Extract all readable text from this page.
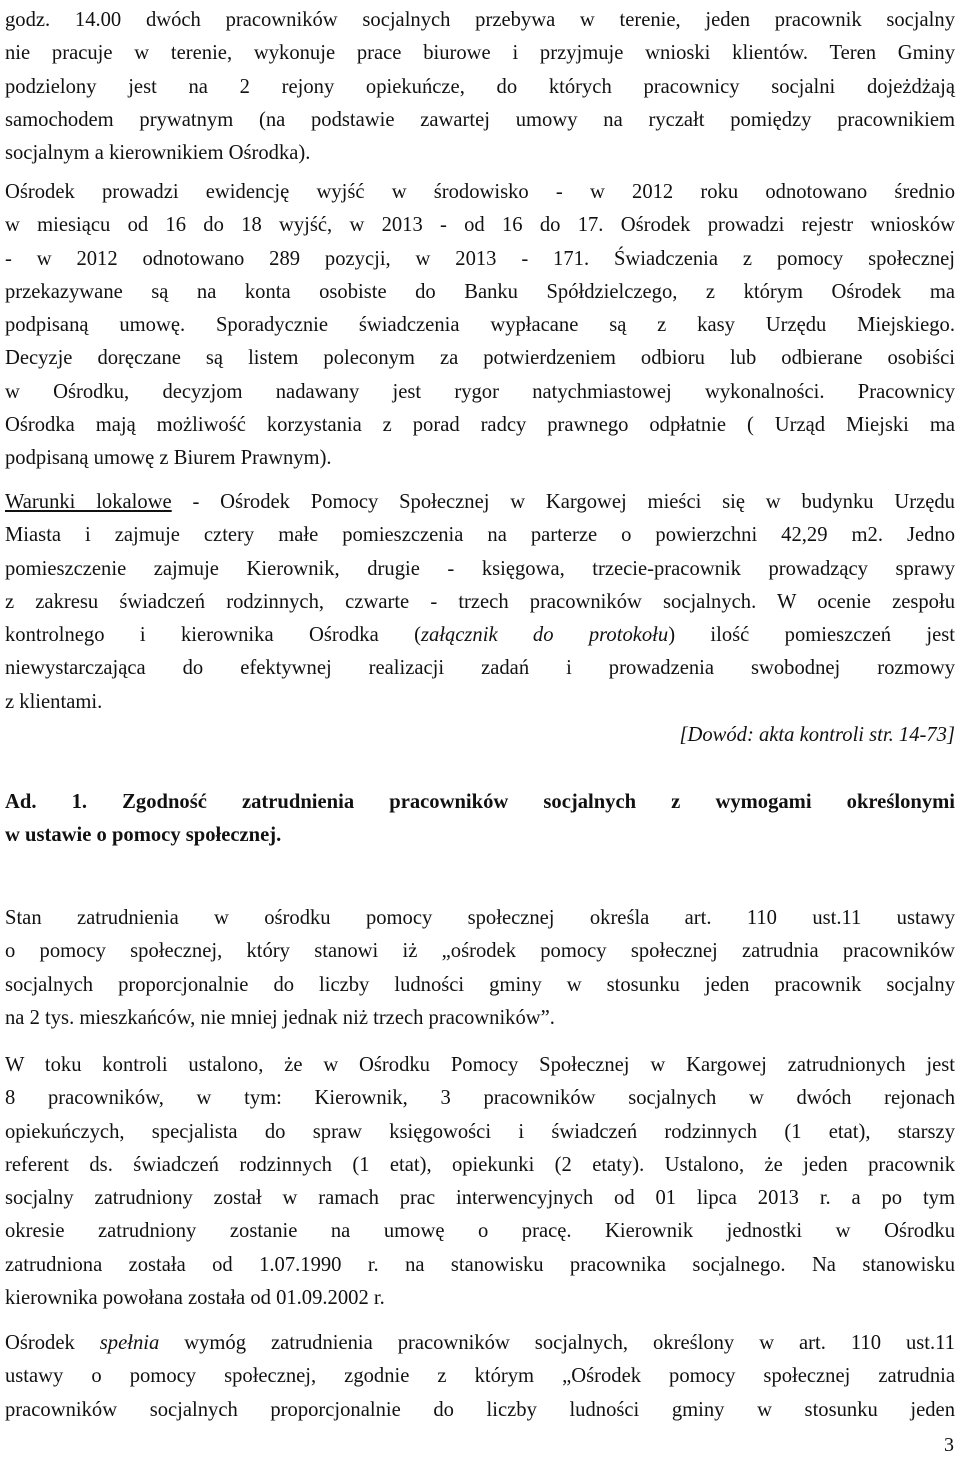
godz. 14.00 dwóch pracowników socjalnych przebywa w terenie, jeden pracownik socjalny
nie pracuje w terenie, wykonuje prace biurowe i przyjmuje wnioski klientów. Teren Gminy
podzielony jest na 2 rejony opiekuńcze, do których pracownicy socjalni dojeżdżają
samochodem prywatnym (na podstawie zawartej umowy na ryczałt pomiędzy pracownikiem
socjalnym a kierownikiem Ośrodka).

Ośrodek prowadzi ewidencję wyjść w środowisko - w 2012 roku odnotowano średnio
w miesiącu od 16 do 18 wyjść, w 2013 - od 16 do 17. Ośrodek prowadzi rejestr wniosków
- w 2012 odnotowano 289 pozycji, w 2013 - 171. Świadczenia z pomocy społecznej
przekazywane są na konta osobiste do Banku Spółdzielczego, z którym Ośrodek ma
podpisaną umowę. Sporadycznie świadczenia wypłacane są z kasy Urzędu Miejskiego.
Decyzje doręczane są listem poleconym za potwierdzeniem odbioru lub odbierane osobiści
w Ośrodku, decyzjom nadawany jest rygor natychmiastowej wykonalności. Pracownicy
Ośrodka mają możliwość korzystania z porad radcy prawnego odpłatnie ( Urząd Miejski ma
podpisaną umowę z Biurem Prawnym).

Warunki lokalowe - Ośrodek Pomocy Społecznej w Kargowej mieści się w budynku Urzędu
Miasta i zajmuje cztery małe pomieszczenia na parterze o powierzchni 42,29 m2. Jedno
pomieszczenie zajmuje Kierownik, drugie - księgowa, trzecie-pracownik prowadzący sprawy
z zakresu świadczeń rodzinnych, czwarte - trzech pracowników socjalnych. W ocenie zespołu
kontrolnego i kierownika Ośrodka (załącznik do protokołu) ilość pomieszczeń jest
niewystarczająca do efektywnej realizacji zadań i prowadzenia swobodnej rozmowy
z klientami.
[Dowód: akta kontroli str. 14-73]

Ad. 1. Zgodność zatrudnienia pracowników socjalnych z wymogami określonymi
w ustawie o pomocy społecznej.

Stan zatrudnienia w ośrodku pomocy społecznej określa art. 110 ust.11 ustawy
o pomocy społecznej, który stanowi iż „ośrodek pomocy społecznej zatrudnia pracowników
socjalnych proporcjonalnie do liczby ludności gminy w stosunku jeden pracownik socjalny
na 2 tys. mieszkańców, nie mniej jednak niż trzech pracowników”.

W toku kontroli ustalono, że w Ośrodku Pomocy Społecznej w Kargowej zatrudnionych jest
8 pracowników, w tym: Kierownik, 3 pracowników socjalnych w dwóch rejonach
opiekuńczych, specjalista do spraw księgowości i świadczeń rodzinnych (1 etat), starszy
referent ds. świadczeń rodzinnych (1 etat), opiekunki (2 etaty). Ustalono, że jeden pracownik
socjalny zatrudniony został w ramach prac interwencyjnych od 01 lipca 2013 r. a po tym
okresie zatrudniony zostanie na umowę o pracę. Kierownik jednostki w Ośrodku
zatrudniona została od 1.07.1990 r. na stanowisku pracownika socjalnego. Na stanowisku
kierownika powołana została od 01.09.2002 r.

Ośrodek spełnia wymóg zatrudnienia pracowników socjalnych, określony w art. 110 ust.11
ustawy o pomocy społecznej, zgodnie z którym „Ośrodek pomocy społecznej zatrudnia
pracowników socjalnych proporcjonalnie do liczby ludności gminy w stosunku jeden

3
